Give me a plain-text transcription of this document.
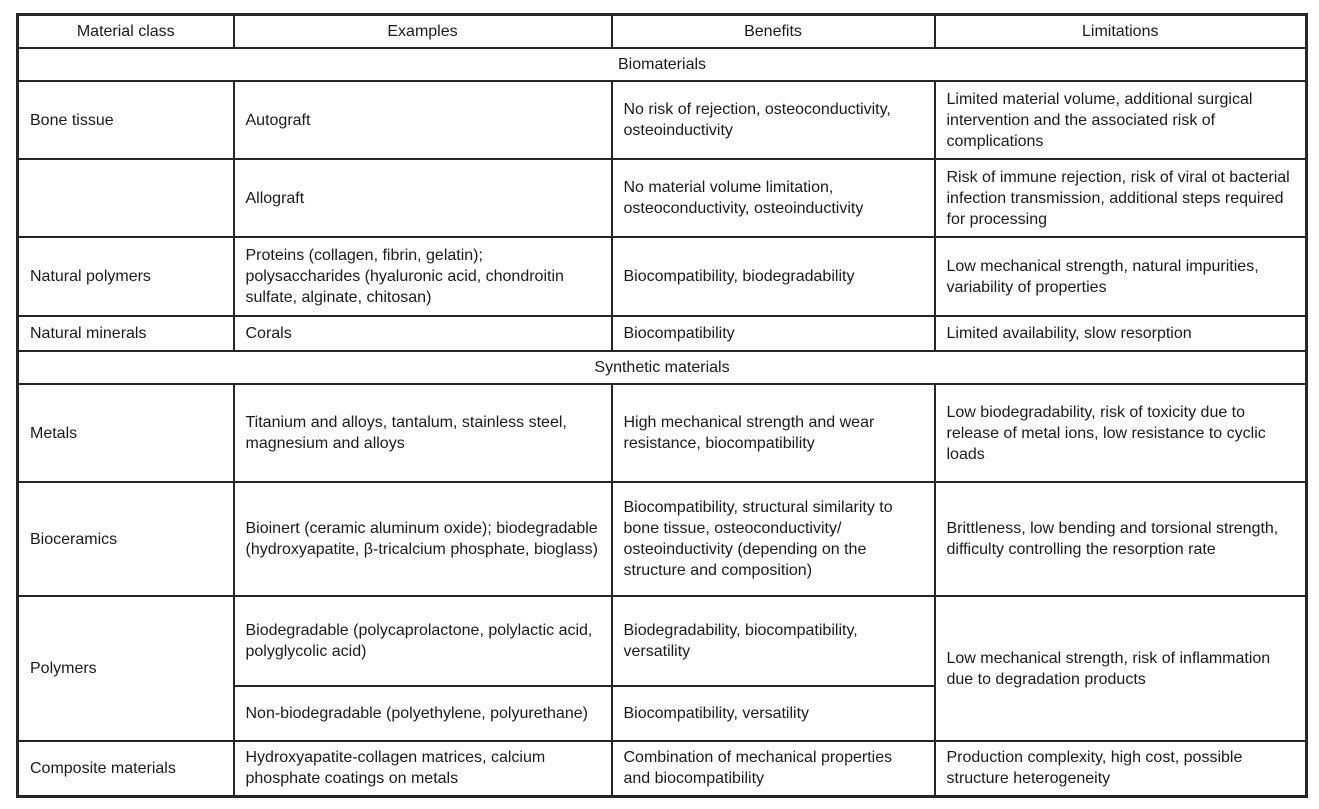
Material class	Examples	Benefits	Limitations
Biomaterials			
Bone tissue	Autograft	No risk of rejection, osteoconductivity, osteoinductivity	Limited material volume, additional surgical intervention and the associated risk of complications
	Allograft	No material volume limitation, osteoconductivity, osteoinductivity	Risk of immune rejection, risk of viral ot bacterial infection transmission, additional steps required for processing
Natural polymers	Proteins (collagen, fibrin, gelatin); polysaccharides (hyaluronic acid, chondroitin sulfate, alginate, chitosan)	Biocompatibility, biodegradability	Low mechanical strength, natural impurities, variability of properties
Natural minerals	Corals	Biocompatibility	Limited availability, slow resorption
Synthetic materials			
Metals	Titanium and alloys, tantalum, stainless steel, magnesium and alloys	High mechanical strength and wear resistance, biocompatibility	Low biodegradability, risk of toxicity due to release of metal ions, low resistance to cyclic loads
Bioceramics	Bioinert (ceramic aluminum oxide); biodegradable (hydroxyapatite, β-tricalcium phosphate, bioglass)	Biocompatibility, structural similarity to bone tissue, osteoconductivity/ osteoinductivity (depending on the structure and composition)	Brittleness, low bending and torsional strength, difficulty controlling the resorption rate
Polymers	Biodegradable (polycaprolactone, polylactic acid, polyglycolic acid)	Biodegradability, biocompatibility, versatility	Low mechanical strength, risk of inflammation due to degradation products
	Non-biodegradable (polyethylene, polyurethane)	Biocompatibility, versatility	
Composite materials	Hydroxyapatite-collagen matrices, calcium phosphate coatings on metals	Combination of mechanical properties and biocompatibility	Production complexity, high cost, possible structure heterogeneity
